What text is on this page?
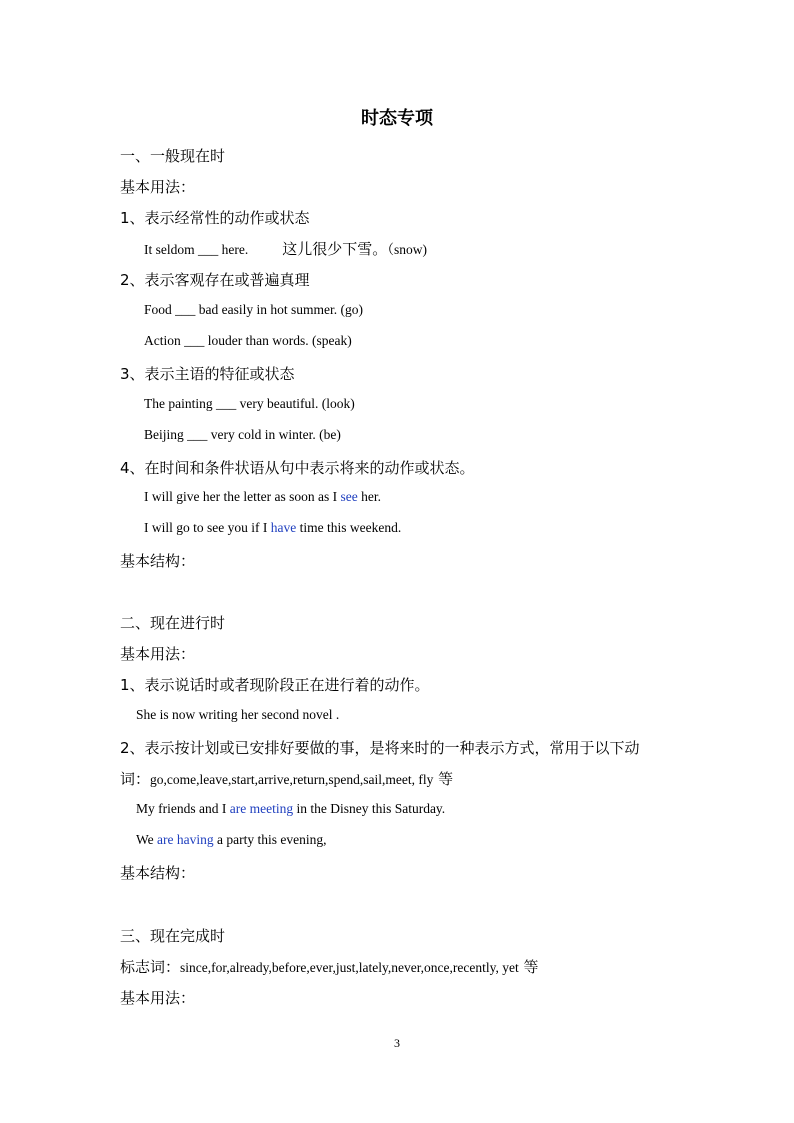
时态专项
一、一般现在时
基本用法：
1、表示经常性的动作或状态
It seldom ___ here. 这儿很少下雪。（snow)
2、表示客观存在或普遍真理
Food ___ bad easily in hot summer. (go)
Action ___ louder than words. (speak)
3、表示主语的特征或状态
The painting ___ very beautiful. (look)
Beijing ___ very cold in winter. (be)
4、在时间和条件状语从句中表示将来的动作或状态。
I will give her the letter as soon as I see her.
I will go to see you if I have time this weekend.
基本结构：
二、现在进行时
基本用法：
1、表示说话时或者现阶段正在进行着的动作。
She is now writing her second novel .
2、表示按计划或已安排好要做的事，是将来时的一种表示方式，常用于以下动
词：go,come,leave,start,arrive,return,spend,sail,meet, fly 等
My friends and I are meeting in the Disney this Saturday.
We are having a party this evening,
基本结构：
三、现在完成时
标志词：since,for,already,before,ever,just,lately,never,once,recently, yet 等
基本用法：
3
